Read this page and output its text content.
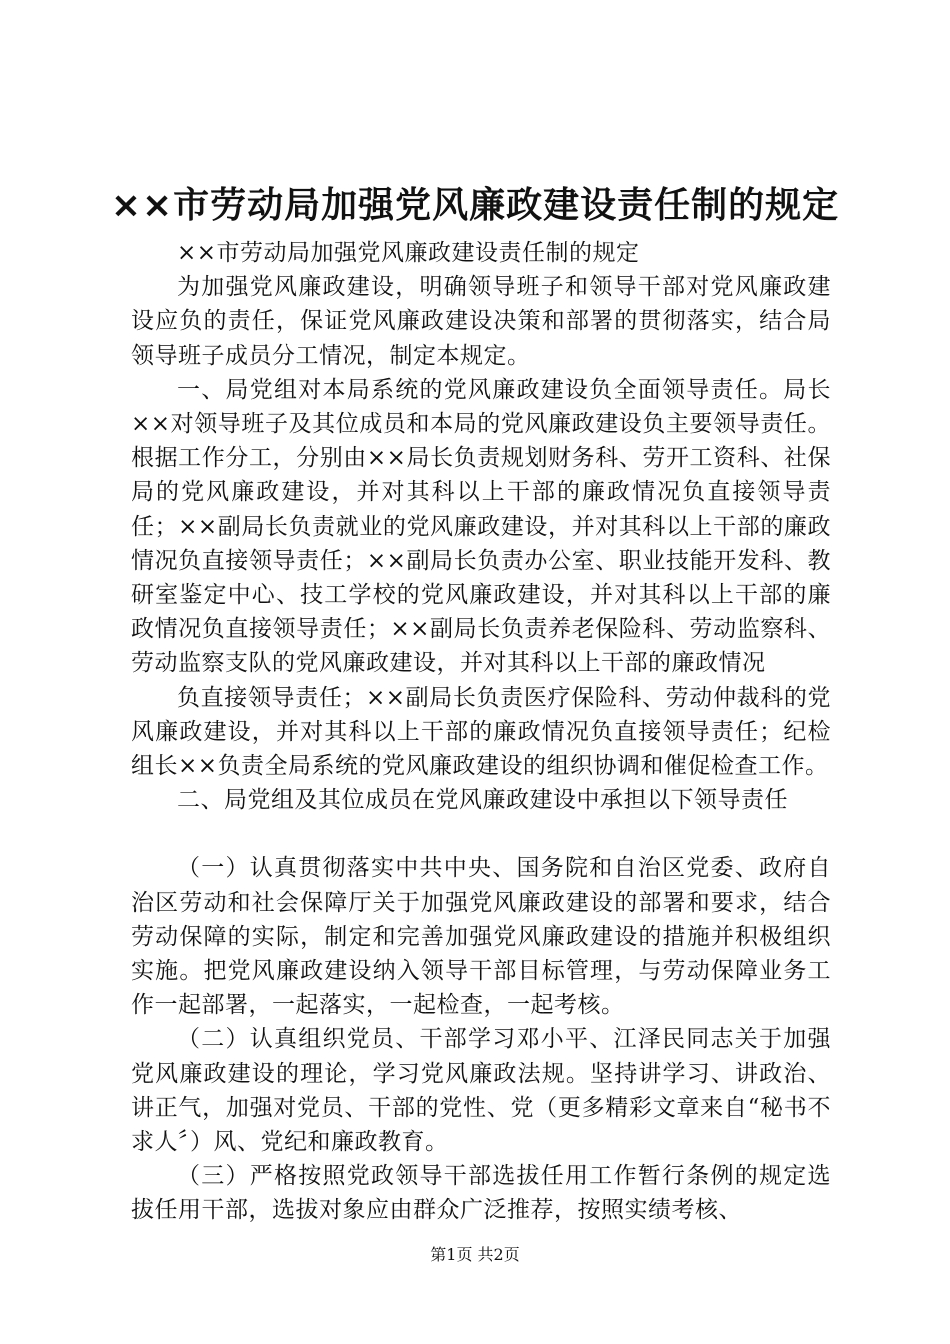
××市劳动局加强党风廉政建设责任制的规定

××市劳动局加强党风廉政建设责任制的规定

为加强党风廉政建设，明确领导班子和领导干部对党风廉政建设应负的责任，保证党风廉政建设决策和部署的贯彻落实，结合局领导班子成员分工情况，制定本规定。

一、局党组对本局系统的党风廉政建设负全面领导责任。局长××对领导班子及其位成员和本局的党风廉政建设负主要领导责任。根据工作分工，分别由××局长负责规划财务科、劳开工资科、社保局的党风廉政建设，并对其科以上干部的廉政情况负直接领导责任；××副局长负责就业的党风廉政建设，并对其科以上干部的廉政情况负直接领导责任；××副局长负责办公室、职业技能开发科、教研室鉴定中心、技工学校的党风廉政建设，并对其科以上干部的廉政情况负直接领导责任；××副局长负责养老保险科、劳动监察科、劳动监察支队的党风廉政建设，并对其科以上干部的廉政情况

负直接领导责任；××副局长负责医疗保险科、劳动仲裁科的党风廉政建设，并对其科以上干部的廉政情况负直接领导责任；纪检组长××负责全局系统的党风廉政建设的组织协调和催促检查工作。

二、局党组及其位成员在党风廉政建设中承担以下领导责任

（一）认真贯彻落实中共中央、国务院和自治区党委、政府自治区劳动和社会保障厅关于加强党风廉政建设的部署和要求，结合劳动保障的实际，制定和完善加强党风廉政建设的措施并积极组织实施。把党风廉政建设纳入领导干部目标管理，与劳动保障业务工作一起部署，一起落实，一起检查，一起考核。

（二）认真组织党员、干部学习邓小平、江泽民同志关于加强党风廉政建设的理论，学习党风廉政法规。坚持讲学习、讲政治、讲正气，加强对党员、干部的党性、党（更多精彩文章来自“秘书不求人〞）风、党纪和廉政教育。

（三）严格按照党政领导干部选拔任用工作暂行条例的规定选拔任用干部，选拔对象应由群众广泛推荐，按照实绩考核、

第1页 共2页
